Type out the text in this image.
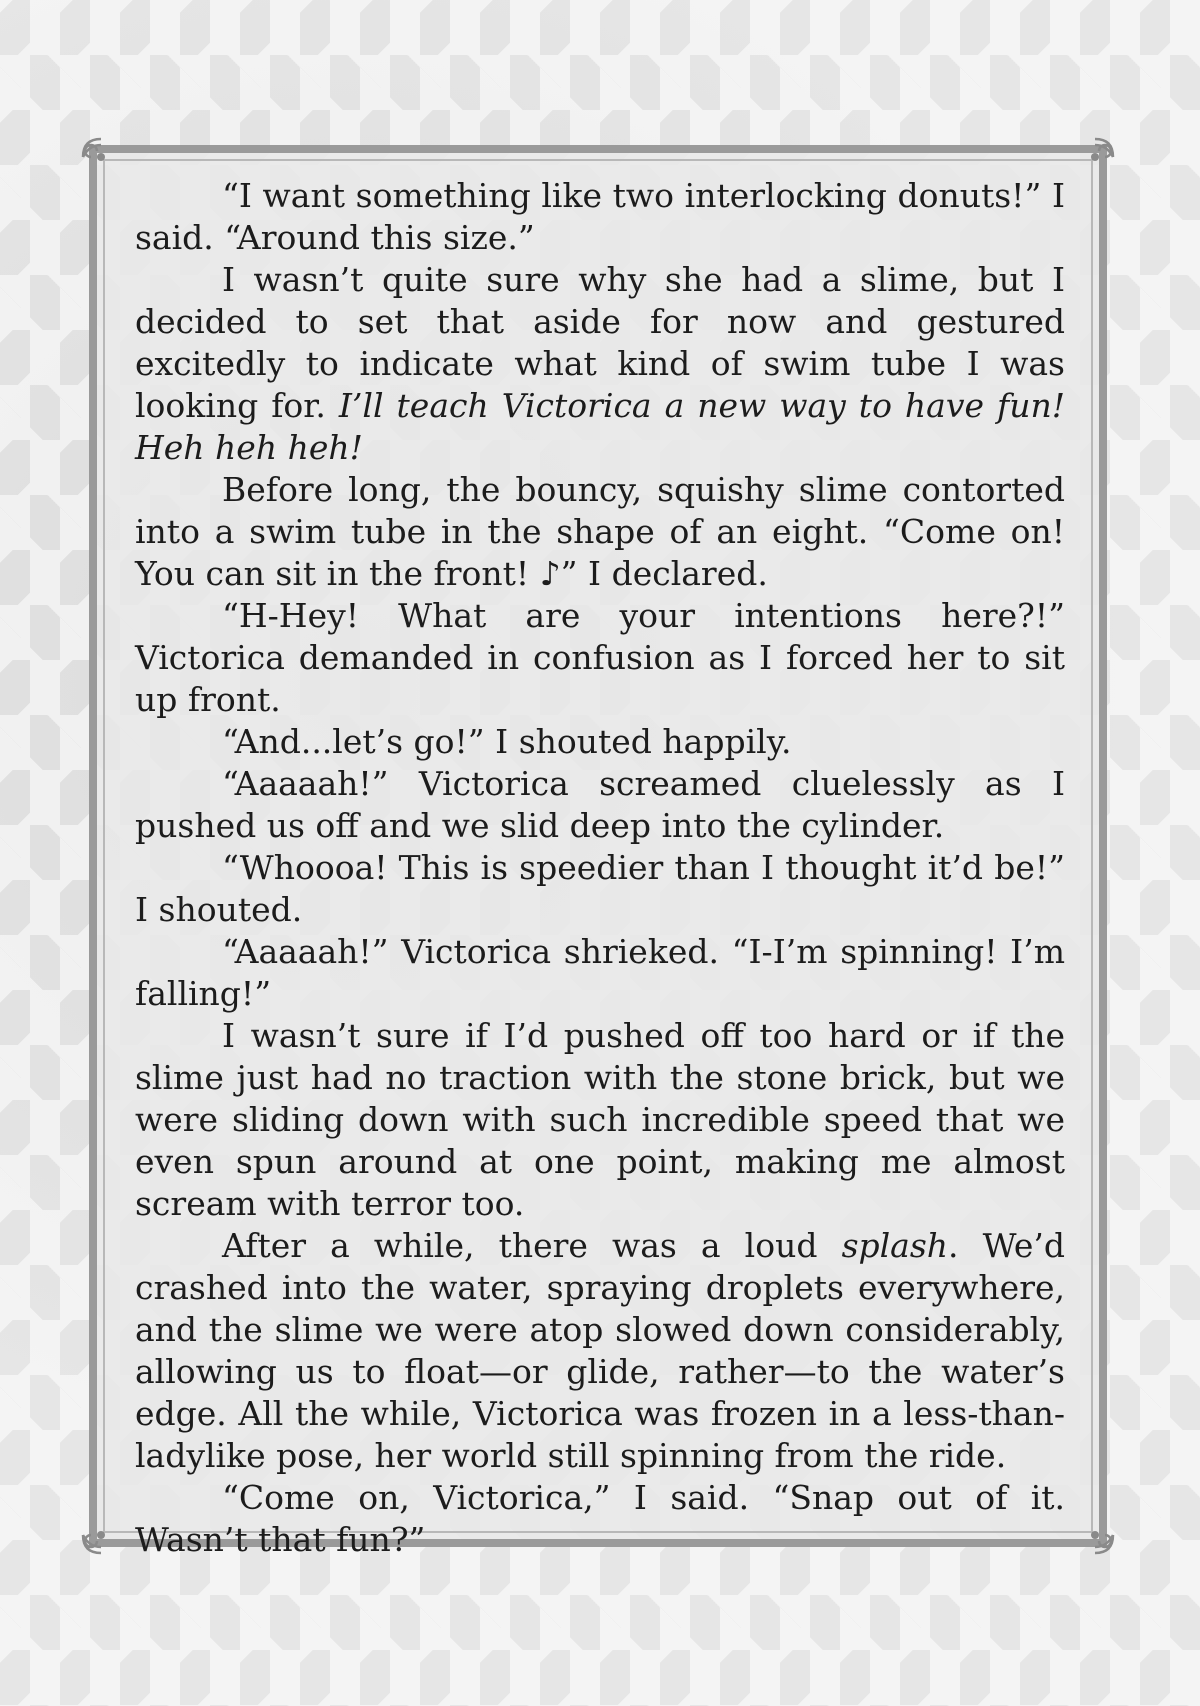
“I want something like two interlocking donuts!” I said. “Around this size.”

I wasn’t quite sure why she had a slime, but I decided to set that aside for now and gestured excitedly to indicate what kind of swim tube I was looking for. I’ll teach Victorica a new way to have fun! Heh heh heh!

Before long, the bouncy, squishy slime contorted into a swim tube in the shape of an eight. “Come on! You can sit in the front! ♪” I declared.

“H-Hey! What are your intentions here?!” Victorica demanded in confusion as I forced her to sit up front.

“And...let’s go!” I shouted happily.

“Aaaaah!” Victorica screamed cluelessly as I pushed us off and we slid deep into the cylinder.

“Whoooa! This is speedier than I thought it’d be!” I shouted.

“Aaaaah!” Victorica shrieked. “I-I’m spinning! I’m falling!”

I wasn’t sure if I’d pushed off too hard or if the slime just had no traction with the stone brick, but we were sliding down with such incredible speed that we even spun around at one point, making me almost scream with terror too.

After a while, there was a loud splash. We’d crashed into the water, spraying droplets everywhere, and the slime we were atop slowed down considerably, allowing us to float—or glide, rather—to the water’s edge. All the while, Victorica was frozen in a less-than-ladylike pose, her world still spinning from the ride.

“Come on, Victorica,” I said. “Snap out of it. Wasn’t that fun?”
